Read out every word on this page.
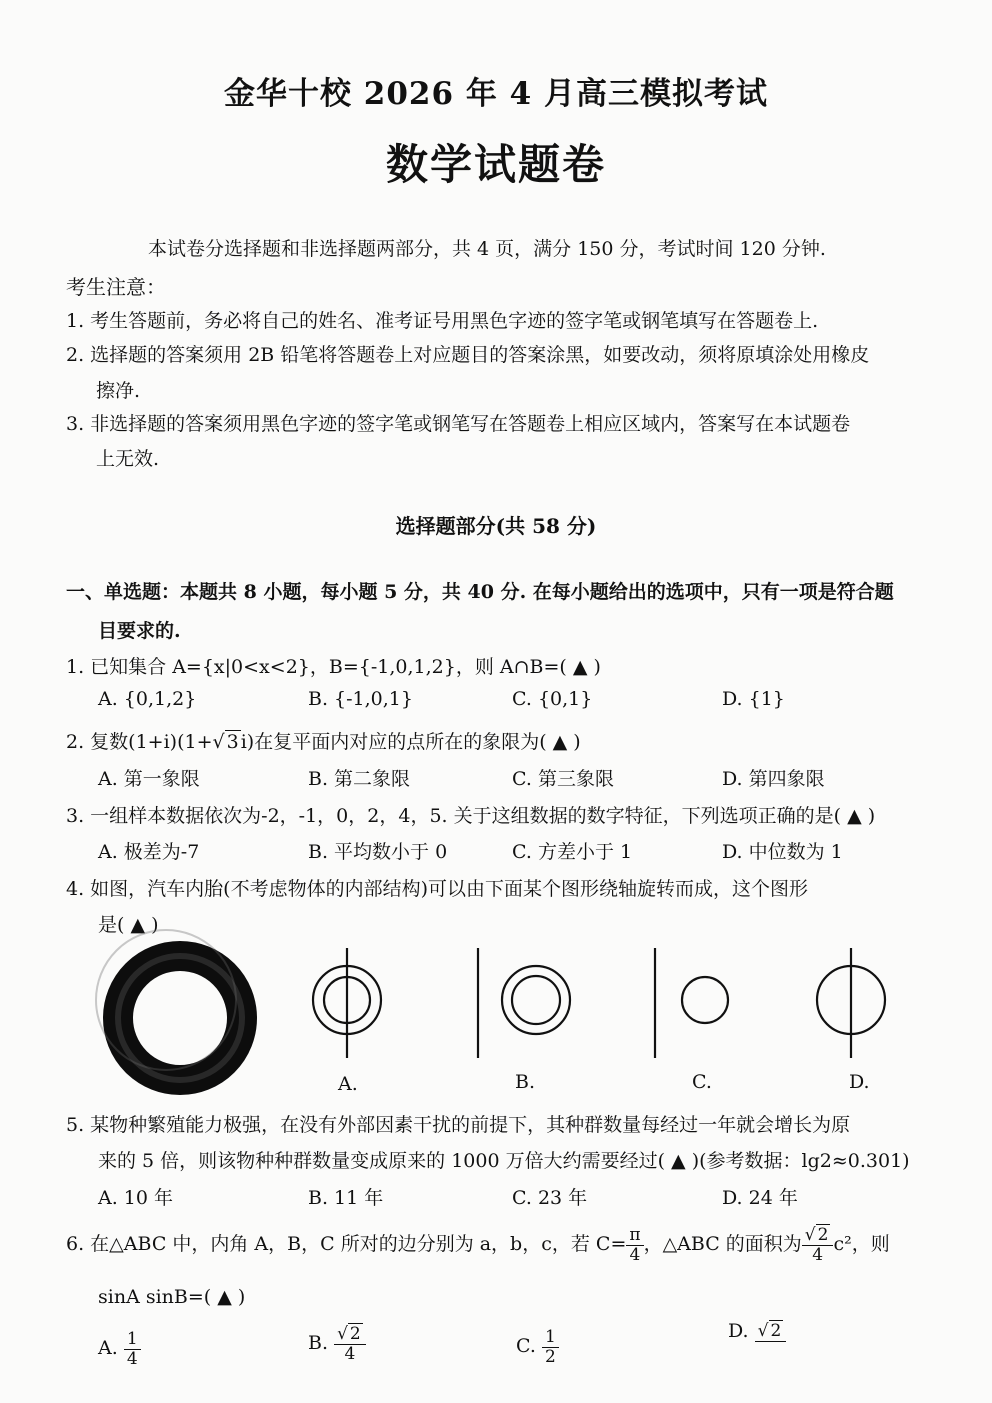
金华十校 2026 年 4 月高三模拟考试
数学试题卷
本试卷分选择题和非选择题两部分，共 4 页，满分 150 分，考试时间 120 分钟.
考生注意：
1. 考生答题前，务必将自己的姓名、准考证号用黑色字迹的签字笔或钢笔填写在答题卷上.
2. 选择题的答案须用 2B 铅笔将答题卷上对应题目的答案涂黑，如要改动，须将原填涂处用橡皮
擦净.
3. 非选择题的答案须用黑色字迹的签字笔或钢笔写在答题卷上相应区域内，答案写在本试题卷
上无效.
选择题部分(共 58 分)
一、单选题：本题共 8 小题，每小题 5 分，共 40 分. 在每小题给出的选项中，只有一项是符合题
目要求的.
1. 已知集合 A={x|0<x<2}，B={-1,0,1,2}，则 A∩B=( ▲ )
A. {0,1,2}	B. {-1,0,1}	C. {0,1}	D. {1}
2. 复数(1+i)(1+√ 3 i)在复平面内对应的点所在的象限为( ▲ )
A. 第一象限	B. 第二象限	C. 第三象限	D. 第四象限
3. 一组样本数据依次为-2，-1，0，2，4，5. 关于这组数据的数字特征，下列选项正确的是( ▲ )
A. 极差为-7	B. 平均数小于 0	C. 方差小于 1	D. 中位数为 1
4. 如图，汽车内胎(不考虑物体的内部结构)可以由下面某个图形绕轴旋转而成，这个图形
是( ▲ )
A.	B.	C.	D.
5. 某物种繁殖能力极强，在没有外部因素干扰的前提下，其种群数量每经过一年就会增长为原
来的 5 倍，则该物种种群数量变成原来的 1000 万倍大约需要经过( ▲ )(参考数据：lg2≈0.301)
A. 10 年	B. 11 年	C. 23 年	D. 24 年
6. 在△ABC 中，内角 A，B，C 所对的边分别为 a，b，c，若 $C= \frac{\pi}{4}$ ，△ABC 的面积为 $\frac{√ 2}{4} c^2$，则
sinA sinB=( ▲ )
A. $\frac{1}{4}$	B. $\frac{√ 2}{4}$	C. $\frac{1}{2}$	D. √ 2
